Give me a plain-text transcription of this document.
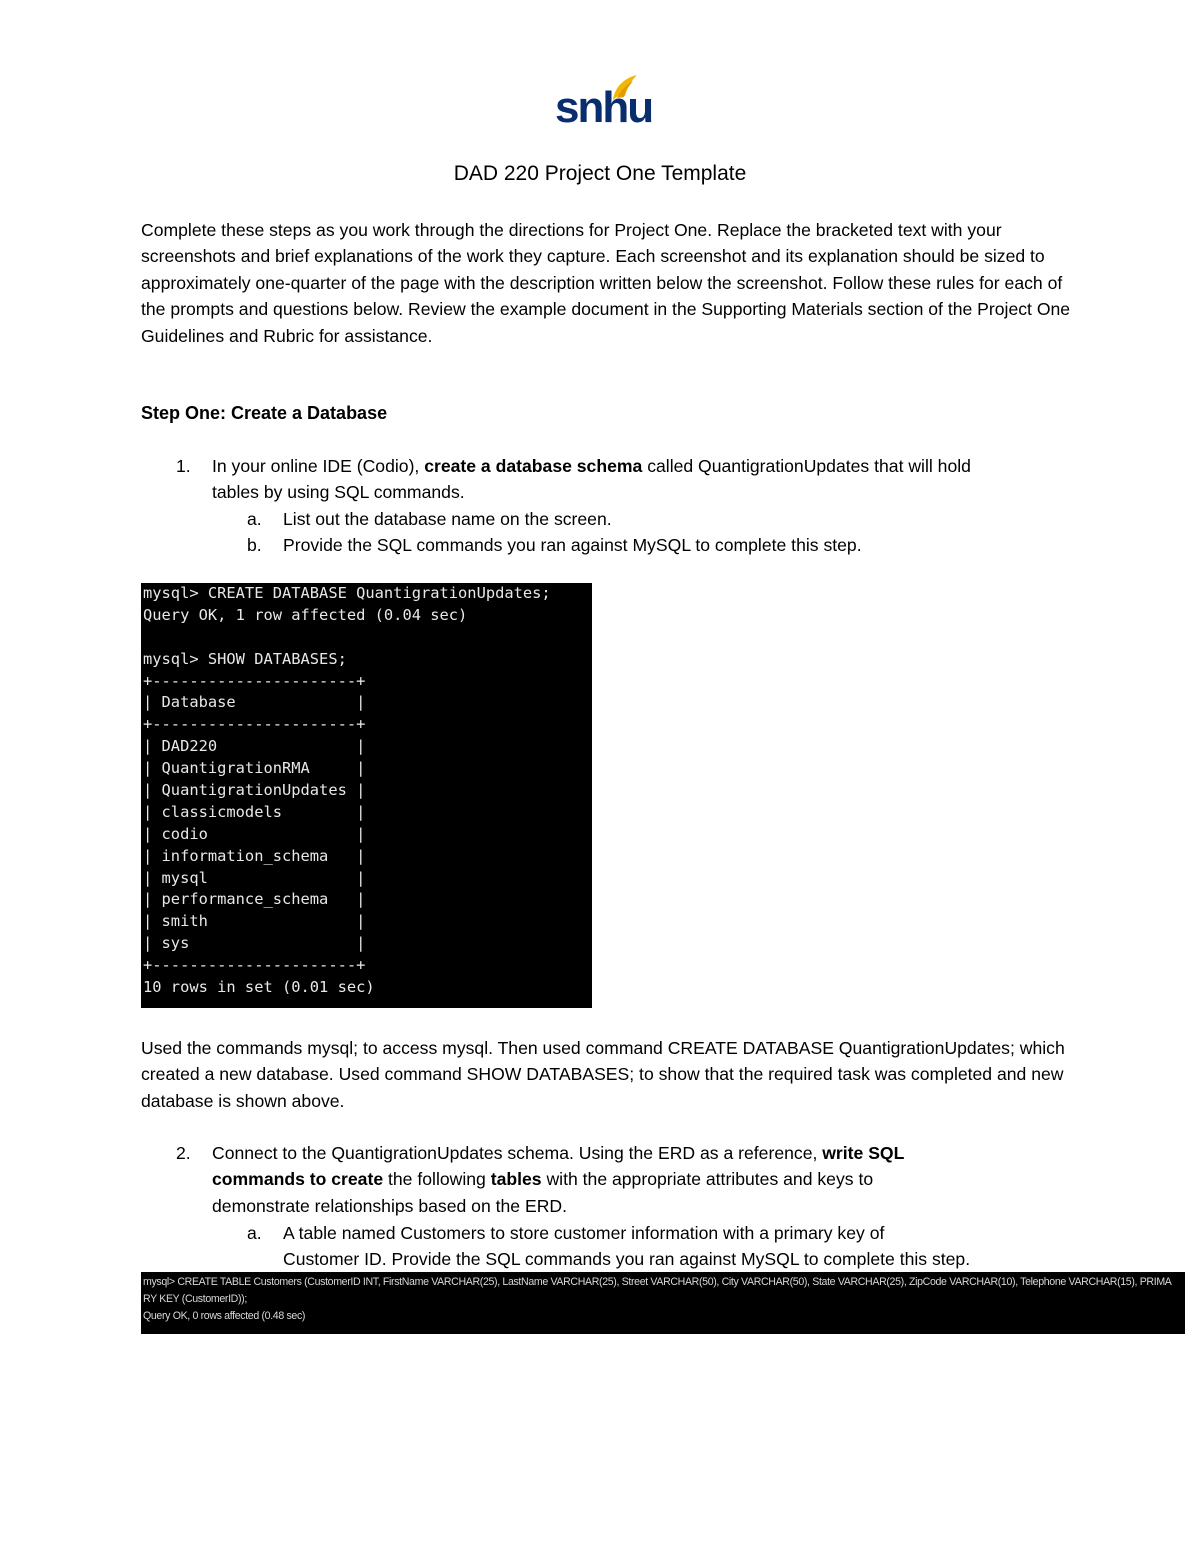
snhu
DAD 220 Project One Template

Complete these steps as you work through the directions for Project One. Replace the bracketed text with your screenshots and brief explanations of the work they capture. Each screenshot and its explanation should be sized to approximately one-quarter of the page with the description written below the screenshot. Follow these rules for each of the prompts and questions below. Review the example document in the Supporting Materials section of the Project One Guidelines and Rubric for assistance.

Step One: Create a Database

1. In your online IDE (Codio), create a database schema called QuantigrationUpdates that will hold
tables by using SQL commands.
a. List out the database name on the screen.
b. Provide the SQL commands you ran against MySQL to complete this step.
mysql> CREATE DATABASE QuantigrationUpdates;
Query OK, 1 row affected (0.04 sec)

mysql> SHOW DATABASES;
+----------------------+
| Database             |
+----------------------+
| DAD220               |
| QuantigrationRMA     |
| QuantigrationUpdates |
| classicmodels        |
| codio                |
| information_schema   |
| mysql                |
| performance_schema   |
| smith                |
| sys                  |
+----------------------+
10 rows in set (0.01 sec)

Used the commands mysql; to access mysql. Then used command CREATE DATABASE QuantigrationUpdates; which created a new database. Used command SHOW DATABASES; to show that the required task was completed and new database is shown above.

2. Connect to the QuantigrationUpdates schema. Using the ERD as a reference, write SQL
commands to create the following tables with the appropriate attributes and keys to
demonstrate relationships based on the ERD.
a. A table named Customers to store customer information with a primary key of
Customer ID. Provide the SQL commands you ran against MySQL to complete this step.
mysql> CREATE TABLE Customers (CustomerID INT, FirstName VARCHAR(25), LastName VARCHAR(25), Street VARCHAR(50), City VARCHAR(50), State VARCHAR(25), ZipCode VARCHAR(10), Telephone VARCHAR(15), PRIMA
RY KEY (CustomerID));
Query OK, 0 rows affected (0.48 sec)
